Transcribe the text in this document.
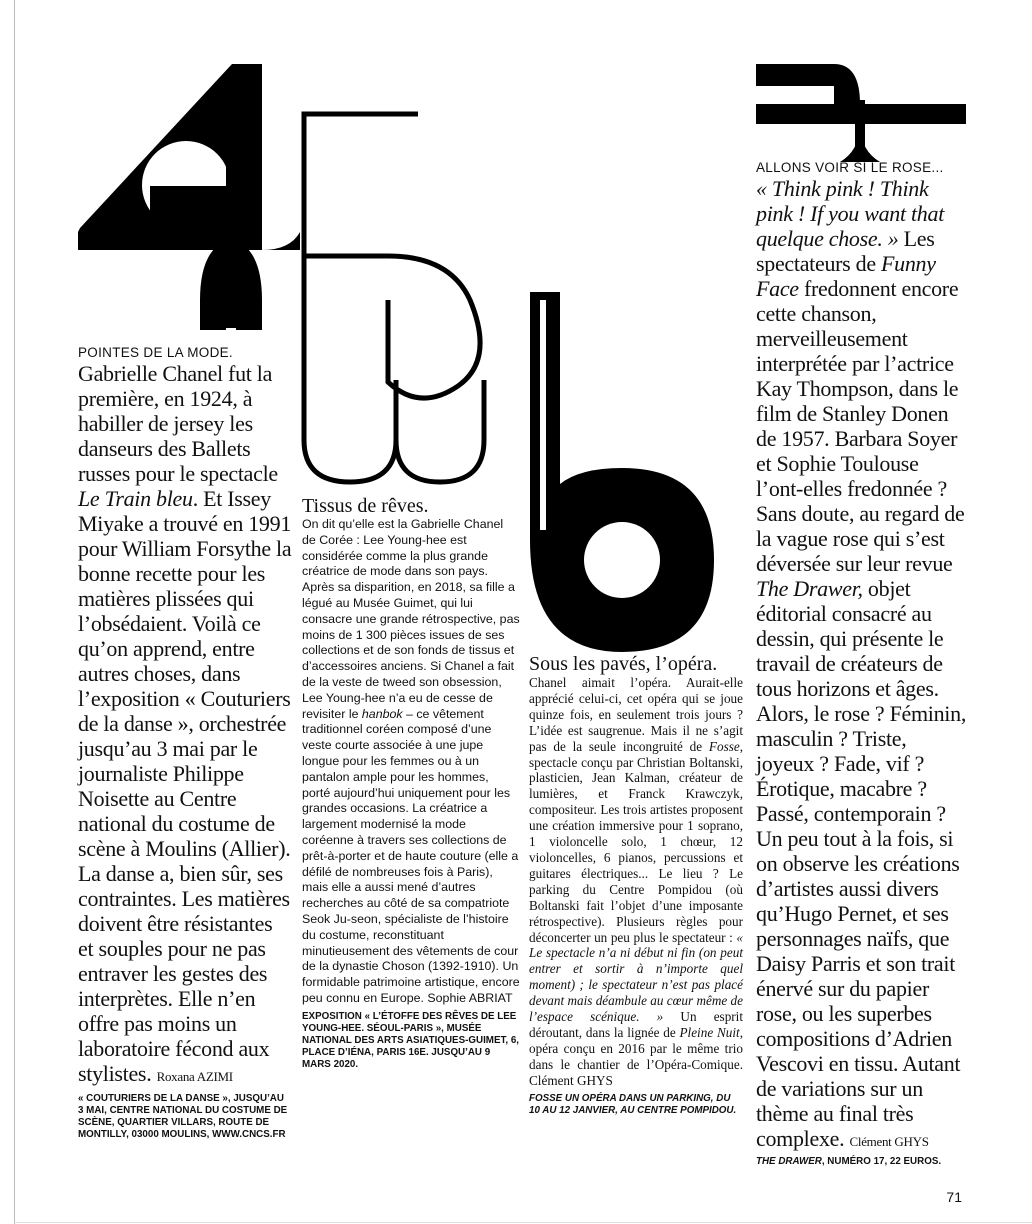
POINTES DE LA MODE.

Gabrielle Chanel fut la première, en 1924, à habiller de jersey les danseurs des Ballets russes pour le spectacle Le Train bleu. Et Issey Miyake a trouvé en 1991 pour William Forsythe la bonne recette pour les matières plissées qui l’obsédaient. Voilà ce qu’on apprend, entre autres choses, dans l’exposition « Couturiers de la danse », orchestrée jusqu’au 3 mai par le journaliste Philippe Noisette au Centre national du costume de scène à Moulins (Allier). La danse a, bien sûr, ses contraintes. Les matières doivent être résistantes et souples pour ne pas entraver les gestes des interprètes. Elle n’en offre pas moins un laboratoire fécond aux stylistes. Roxana AZIMI

« COUTURIERS DE LA DANSE », JUSQU’AU 3 MAI, CENTRE NATIONAL DU COSTUME DE SCÈNE, QUARTIER VILLARS, ROUTE DE MONTILLY, 03000 MOULINS, WWW.CNCS.FR

Tissus de rêves.

On dit qu’elle est la Gabrielle Chanel de Corée : Lee Young-hee est considérée comme la plus grande créatrice de mode dans son pays. Après sa disparition, en 2018, sa fille a légué au Musée Guimet, qui lui consacre une grande rétrospective, pas moins de 1 300 pièces issues de ses collections et de son fonds de tissus et d’accessoires anciens. Si Chanel a fait de la veste de tweed son obsession, Lee Young-hee n’a eu de cesse de revisiter le hanbok – ce vêtement traditionnel coréen composé d’une veste courte associée à une jupe longue pour les femmes ou à un pantalon ample pour les hommes, porté aujourd’hui uniquement pour les grandes occasions. La créatrice a largement modernisé la mode coréenne à travers ses collections de prêt-à-porter et de haute couture (elle a défilé de nombreuses fois à Paris), mais elle a aussi mené d’autres recherches au côté de sa compatriote Seok Ju-seon, spécialiste de l’histoire du costume, reconstituant minutieusement des vêtements de cour de la dynastie Choson (1392-1910). Un formidable patrimoine artistique, encore peu connu en Europe. Sophie ABRIAT

EXPOSITION « L’ÉTOFFE DES RÊVES DE LEE YOUNG-HEE. SÉOUL-PARIS », MUSÉE NATIONAL DES ARTS ASIATIQUES-GUIMET, 6, PLACE D’IÉNA, PARIS 16E. JUSQU’AU 9 MARS 2020.

Sous les pavés, l’opéra.

Chanel aimait l’opéra. Aurait-elle apprécié celui-ci, cet opéra qui se joue quinze fois, en seulement trois jours ? L’idée est saugrenue. Mais il ne s’agit pas de la seule incongruité de Fosse, spectacle conçu par Christian Boltanski, plasticien, Jean Kalman, créateur de lumières, et Franck Krawczyk, compositeur. Les trois artistes proposent une création immersive pour 1 soprano, 1 violoncelle solo, 1 chœur, 12 violoncelles, 6 pianos, percussions et guitares électriques... Le lieu ? Le parking du Centre Pompidou (où Boltanski fait l’objet d’une imposante rétrospective). Plusieurs règles pour déconcerter un peu plus le spectateur : « Le spectacle n’a ni début ni fin (on peut entrer et sortir à n’importe quel moment) ; le spectateur n’est pas placé devant mais déambule au cœur même de l’espace scénique. » Un esprit déroutant, dans la lignée de Pleine Nuit, opéra conçu en 2016 par le même trio dans le chantier de l’Opéra-Comique. Clément GHYS

FOSSE UN OPÉRA DANS UN PARKING, DU 10 AU 12 JANVIER, AU CENTRE POMPIDOU.

ALLONS VOIR SI LE ROSE...

« Think pink ! Think pink ! If you want that quelque chose. » Les spectateurs de Funny Face fredonnent encore cette chanson, merveilleusement interprétée par l’actrice Kay Thompson, dans le film de Stanley Donen de 1957. Barbara Soyer et Sophie Toulouse l’ont-elles fredonnée ? Sans doute, au regard de la vague rose qui s’est déversée sur leur revue The Drawer, objet éditorial consacré au dessin, qui présente le travail de créateurs de tous horizons et âges. Alors, le rose ? Féminin, masculin ? Triste, joyeux ? Fade, vif ? Érotique, macabre ? Passé, contemporain ? Un peu tout à la fois, si on observe les créations d’artistes aussi divers qu’Hugo Pernet, et ses personnages naïfs, que Daisy Parris et son trait énervé sur du papier rose, ou les superbes compositions d’Adrien Vescovi en tissu. Autant de variations sur un thème au final très complexe. Clément GHYS

THE DRAWER, NUMÉRO 17, 22 EUROS.

71
